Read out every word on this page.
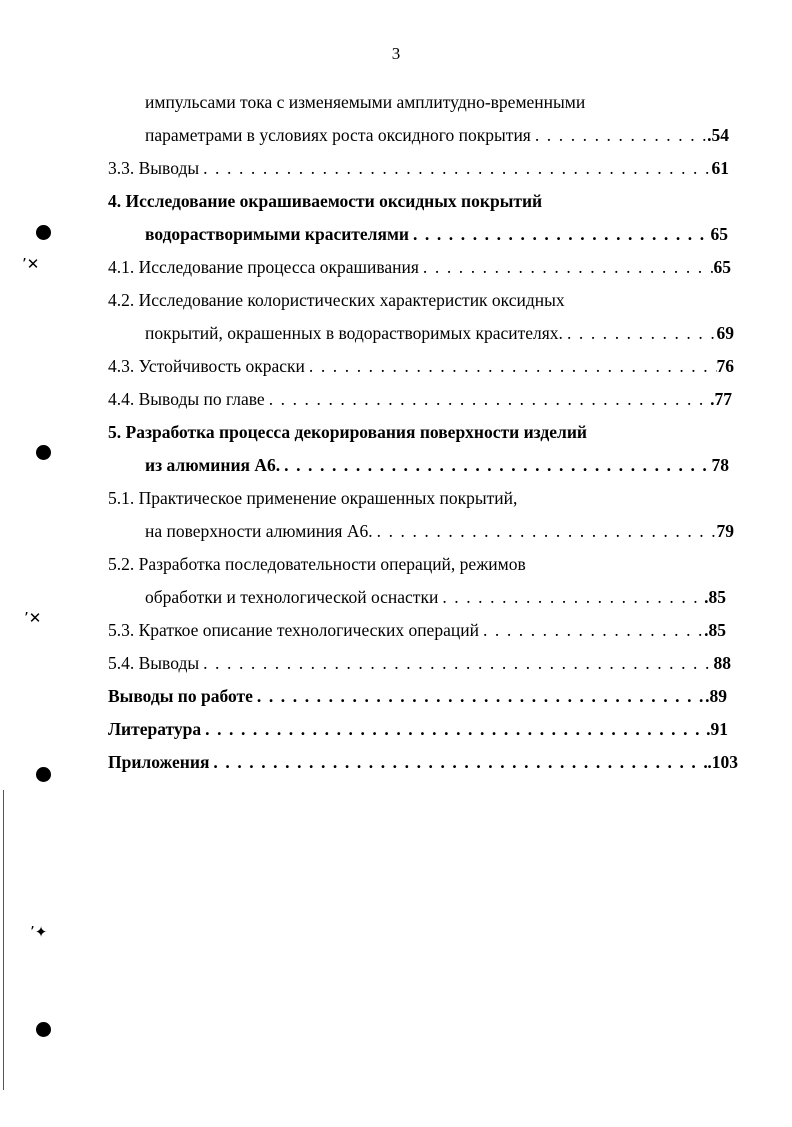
3
ʼ✕
ʼ✕
ʼ✦
импульсами тока с изменяемыми амплитудно-временными
параметрами в условиях роста оксидного покрытия . . .	.54
3.3. Выводы . . .	61
4. Исследование окрашиваемости оксидных покрытий
водорастворимыми красителями . . .	65
4.1. Исследование процесса окрашивания . . .	65
4.2. Исследование колористических характеристик оксидных
покрытий, окрашенных в водорастворимых красителях. . . .	69
4.3. Устойчивость окраски . . .	76
4.4. Выводы по главе . . .	.77
5. Разработка процесса декорирования поверхности изделий
из алюминия А6. . . .	78
5.1. Практическое применение окрашенных покрытий,
на поверхности алюминия А6. . . .	79
5.2. Разработка последовательности операций, режимов
обработки и технологической оснастки . . .	.85
5.3. Краткое описание технологических операций . . .	.85
5.4. Выводы . . .	88
Выводы по работе . . .	.89
Литература . . .	.91
Приложения . . .	.103
